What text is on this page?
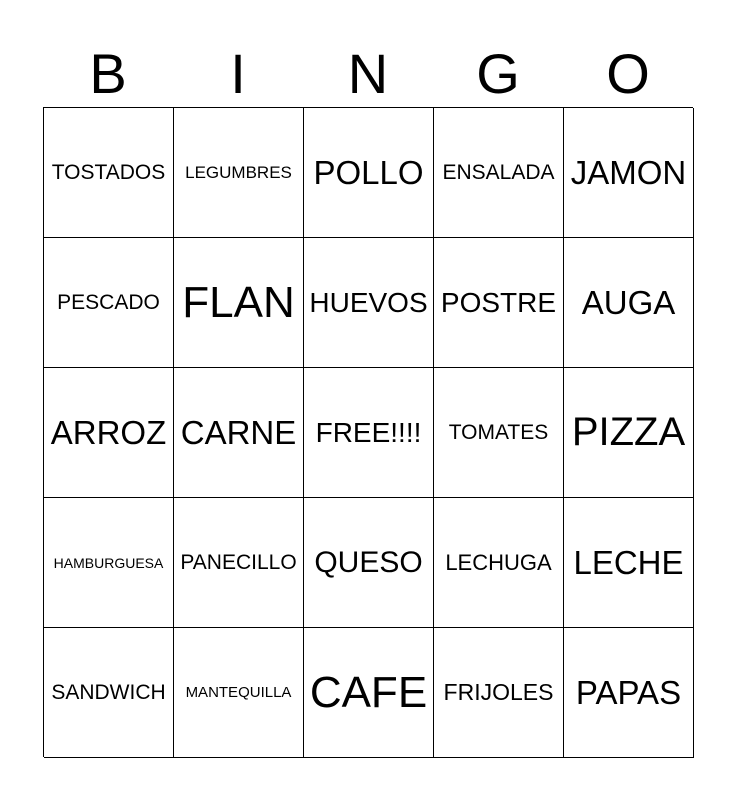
B	I	N	G	O
TOSTADOS LEGUMBRES POLLO ENSALADA JAMON
PESCADO FLAN HUEVOS POSTRE AUGA
ARROZ CARNE FREE!!!! TOMATES PIZZA
HAMBURGUESA PANECILLO QUESO LECHUGA LECHE
SANDWICH MANTEQUILLA CAFE FRIJOLES PAPAS
